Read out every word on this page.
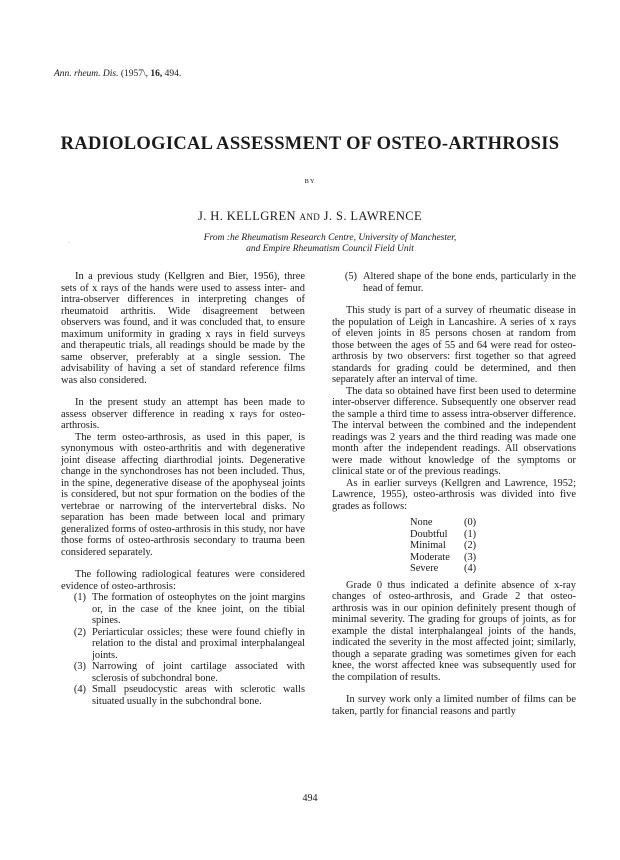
Ann. rheum. Dis. (1957\, 16, 494.
RADIOLOGICAL ASSESSMENT OF OSTEO-ARTHROSIS
BY
J. H. KELLGREN AND J. S. LAWRENCE
From :he Rheumatism Research Centre, University of Manchester,
and Empire Rheumatism Council Field Unit
.

In a previous study (Kellgren and Bier, 1956), three sets of x rays of the hands were used to assess inter- and intra-observer differences in interpreting changes of rheumatoid arthritis. Wide disagreement between observers was found, and it was concluded that, to ensure maximum uniformity in grading x rays in field surveys and therapeutic trials, all readings should be made by the same observer, preferably at a single session. The advisability of having a set of standard reference films was also considered.

In the present study an attempt has been made to assess observer difference in reading x rays for osteo-arthrosis.

The term osteo-arthrosis, as used in this paper, is synonymous with osteo-arthritis and with degenerative joint disease affecting diarthrodial joints. Degenerative change in the synchondroses has not been included. Thus, in the spine, degenerative disease of the apophyseal joints is considered, but not spur formation on the bodies of the vertebrae or narrowing of the intervertebral disks. No separation has been made between local and primary generalized forms of osteo-arthrosis in this study, nor have those forms of osteo-arthrosis secondary to trauma been considered separately.

The following radiological features were considered evidence of osteo-arthrosis:

(1) The formation of osteophytes on the joint margins or, in the case of the knee joint, on the tibial spines.
(2) Periarticular ossicles; these were found chiefly in relation to the distal and proximal interphalangeal joints.
(3) Narrowing of joint cartilage associated with sclerosis of subchondral bone.
(4) Small pseudocystic areas with sclerotic walls situated usually in the subchondral bone.
(5) Altered shape of the bone ends, particularly in the head of femur.

This study is part of a survey of rheumatic disease in the population of Leigh in Lancashire. A series of x rays of eleven joints in 85 persons chosen at random from those between the ages of 55 and 64 were read for osteo-arthrosis by two observers: first together so that agreed standards for grading could be determined, and then separately after an interval of time.

The data so obtained have first been used to determine inter-observer difference. Subsequently one observer read the sample a third time to assess intra-observer difference. The interval between the combined and the independent readings was 2 years and the third reading was made one month after the independent readings. All observations were made without knowledge of the symptoms or clinical state or of the previous readings.

As in earlier surveys (Kellgren and Lawrence, 1952; Lawrence, 1955), osteo-arthrosis was divided into five grades as follows:

None	(0)
Doubtful	(1)
Minimal	(2)
Moderate	(3)
Severe	(4)

Grade 0 thus indicated a definite absence of x-ray changes of osteo-arthrosis, and Grade 2 that osteo-arthrosis was in our opinion definitely present though of minimal severity. The grading for groups of joints, as for example the distal interphalangeal joints of the hands, indicated the severity in the most affected joint; similarly, though a separate grading was sometimes given for each knee, the worst affected knee was subsequently used for the compilation of results.

In survey work only a limited number of films can be taken, partly for financial reasons and partly

494
